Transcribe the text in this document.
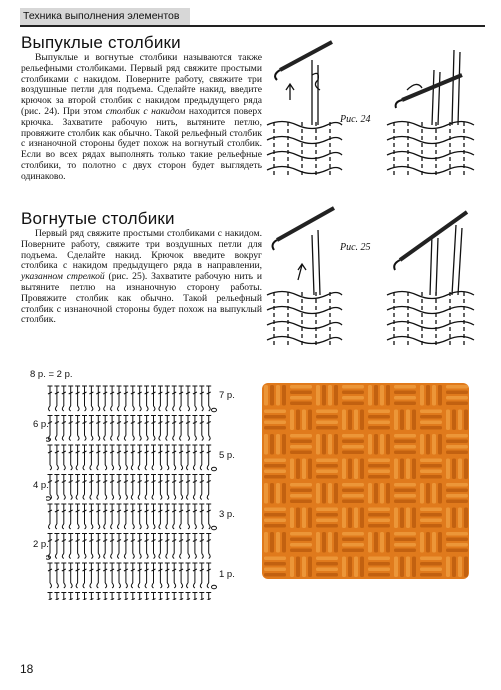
Техника выполнения элементов
Выпуклые столбики

Выпуклые и вогнутые столбики называются также рельефными столбиками. Первый ряд свяжите простыми столбиками с накидом. Поверните работу, свяжите три воздушные петли для подъема. Сделайте накид, введите крючок за второй столбик с накидом предыдущего ряда (рис. 24). При этом столбик с накидом находится поверх крючка. Захватите рабочую нить, вытяните петлю, провяжите столбик как обычно. Такой рельефный столбик с изнаночной стороны будет похож на вогнутый столбик. Если во всех рядах выполнять только такие рельефные столбики, то полотно с двух сторон будет выглядеть одинаково.

Рис. 24
Вогнутые столбики

Первый ряд свяжите простыми столбиками с накидом. Поверните работу, свяжите три воздушных петли для подъема. Сделайте накид. Крючок введите вокруг столбика с накидом предыдущего ряда в направлении, указанном стрелкой (рис. 25). Захватите рабочую нить и вытяните петлю на изнаночную сторону работы. Провяжите столбик как обычно. Такой рельефный столбик с изнаночной стороны будет похож на выпуклый столбик.

Рис. 25
8 р. = 2 р.
6 р.
4 р.
2 р.
7 р.
5 р.
3 р.
1 р.
18
